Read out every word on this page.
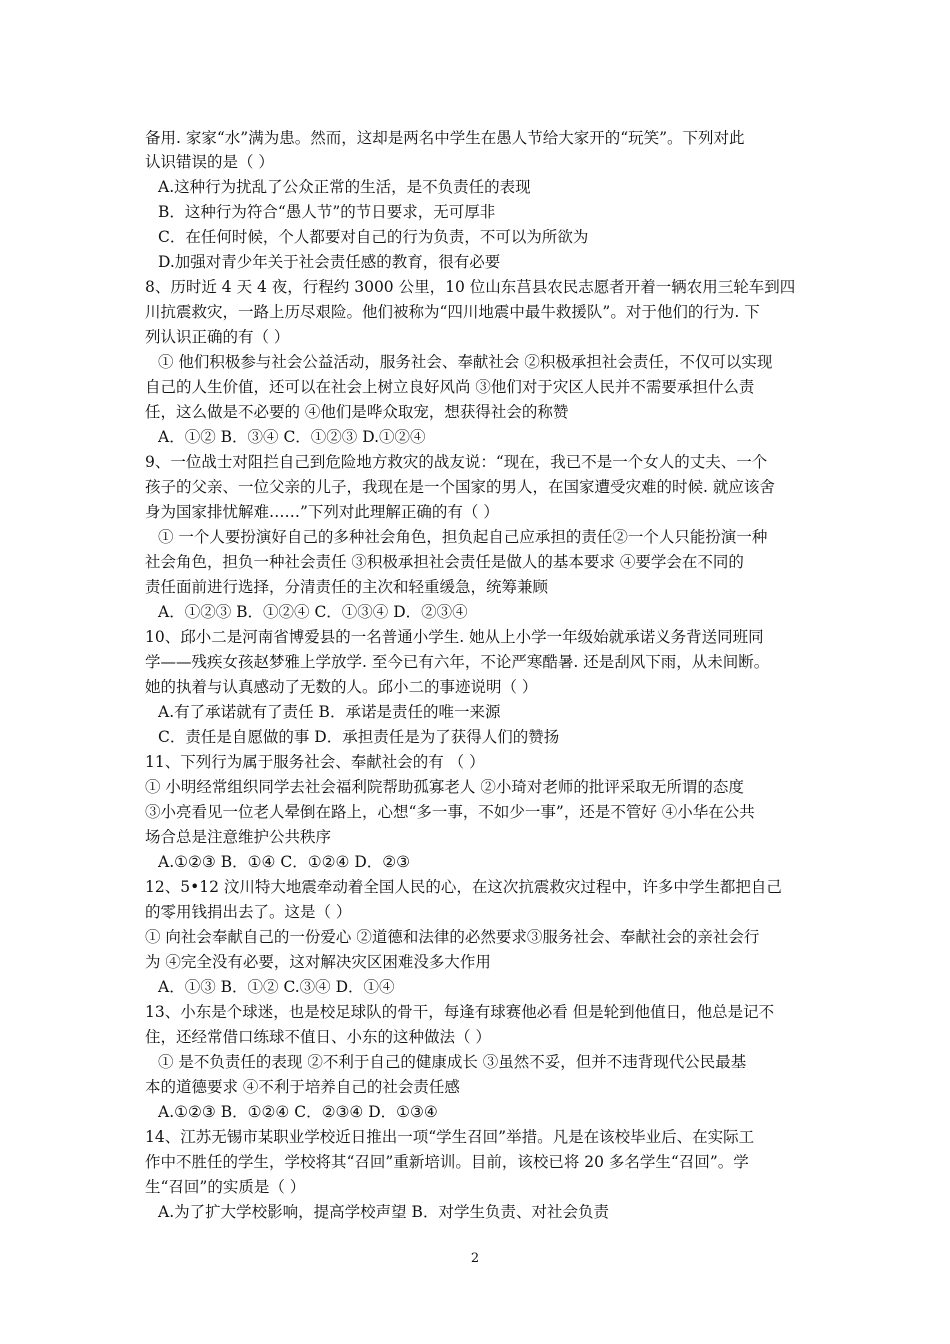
备用. 家家“水”满为患。然而，这却是两名中学生在愚人节给大家开的“玩笑”。下列对此
认识错误的是（ ）
A.这种行为扰乱了公众正常的生活，是不负责任的表现
B．这种行为符合“愚人节”的节日要求，无可厚非
C．在任何时候，个人都要对自己的行为负责，不可以为所欲为
D.加强对青少年关于社会责任感的教育，很有必要
8、历时近 4 天 4 夜，行程约 3000 公里，10 位山东莒县农民志愿者开着一辆农用三轮车到四
川抗震救灾，一路上历尽艰险。他们被称为“四川地震中最牛救援队”。对于他们的行为. 下
列认识正确的有（ ）
① 他们积极参与社会公益活动，服务社会、奉献社会 ②积极承担社会责任，不仅可以实现
自己的人生价值，还可以在社会上树立良好风尚 ③他们对于灾区人民并不需要承担什么责
任，这么做是不必要的 ④他们是哗众取宠，想获得社会的称赞
A．①② B．③④ C．①②③ D.①②④
9、一位战士对阻拦自己到危险地方救灾的战友说：“现在，我已不是一个女人的丈夫、一个
孩子的父亲、一位父亲的儿子，我现在是一个国家的男人，在国家遭受灾难的时候. 就应该舍
身为国家排忧解难……”下列对此理解正确的有（ ）
① 一个人要扮演好自己的多种社会角色，担负起自己应承担的责任②一个人只能扮演一种
社会角色，担负一种社会责任 ③积极承担社会责任是做人的基本要求 ④要学会在不同的
责任面前进行选择，分清责任的主次和轻重缓急，统筹兼顾
A．①②③ B．①②④ C．①③④ D．②③④
10、邱小二是河南省博爱县的一名普通小学生. 她从上小学一年级始就承诺义务背送同班同
学——残疾女孩赵梦雅上学放学. 至今已有六年，不论严寒酷暑. 还是刮风下雨，从未间断。
她的执着与认真感动了无数的人。邱小二的事迹说明（ ）
A.有了承诺就有了责任 B．承诺是责任的唯一来源
C．责任是自愿做的事 D．承担责任是为了获得人们的赞扬
11、下列行为属于服务社会、奉献社会的有 （ ）
① 小明经常组织同学去社会福利院帮助孤寡老人 ②小琦对老师的批评采取无所谓的态度
③小亮看见一位老人晕倒在路上，心想“多一事，不如少一事”，还是不管好 ④小华在公共
场合总是注意维护公共秩序
A.①②③ B．①④ C．①②④ D．②③
12、5•12 汶川特大地震牵动着全国人民的心，在这次抗震救灾过程中，许多中学生都把自己
的零用钱捐出去了。这是（ ）
① 向社会奉献自己的一份爱心 ②道德和法律的必然要求③服务社会、奉献社会的亲社会行
为 ④完全没有必要，这对解决灾区困难没多大作用
A．①③ B．①② C.③④ D．①④
13、小东是个球迷，也是校足球队的骨干，每逢有球赛他必看 但是轮到他值日，他总是记不
住，还经常借口练球不值日、小东的这种做法（ ）
① 是不负责任的表现 ②不利于自己的健康成长 ③虽然不妥，但并不违背现代公民最基
本的道德要求 ④不利于培养自己的社会责任感
A.①②③ B．①②④ C．②③④ D．①③④
14、江苏无锡市某职业学校近日推出一项“学生召回”举措。凡是在该校毕业后、在实际工
作中不胜任的学生，学校将其“召回”重新培训。目前，该校已将 20 多名学生“召回”。学
生“召回”的实质是（ ）
A.为了扩大学校影响，提高学校声望 B．对学生负责、对社会负责
2
